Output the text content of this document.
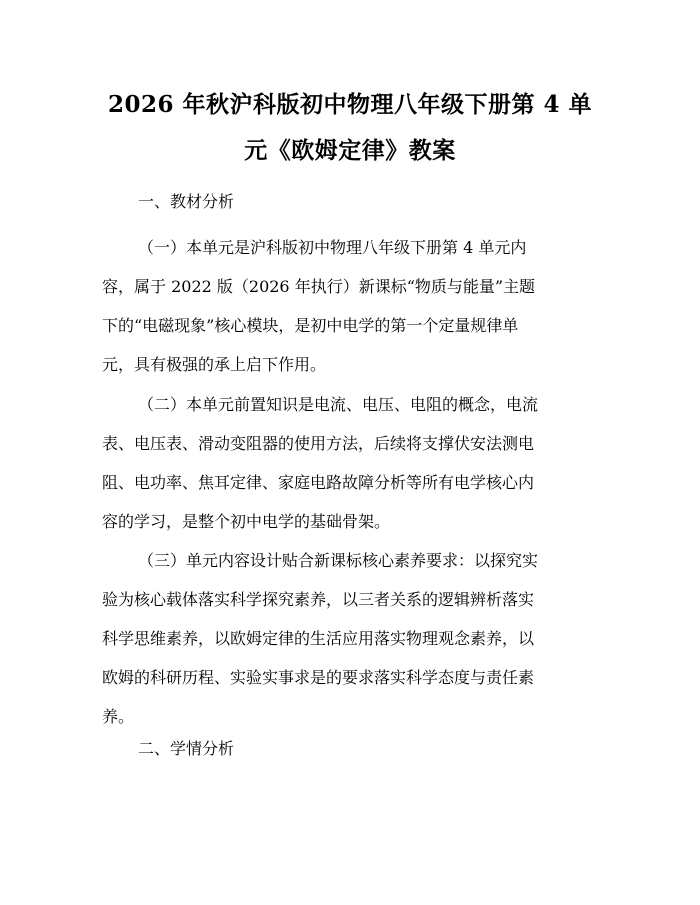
2026 年秋沪科版初中物理八年级下册第 4 单
元《欧姆定律》教案
一、教材分析
（一）本单元是沪科版初中物理八年级下册第 4 单元内
容，属于 2022 版（2026 年执行）新课标“物质与能量”主题
下的“电磁现象”核心模块，是初中电学的第一个定量规律单
元，具有极强的承上启下作用。
（二）本单元前置知识是电流、电压、电阻的概念，电流
表、电压表、滑动变阻器的使用方法，后续将支撑伏安法测电
阻、电功率、焦耳定律、家庭电路故障分析等所有电学核心内
容的学习，是整个初中电学的基础骨架。
（三）单元内容设计贴合新课标核心素养要求：以探究实
验为核心载体落实科学探究素养，以三者关系的逻辑辨析落实
科学思维素养，以欧姆定律的生活应用落实物理观念素养，以
欧姆的科研历程、实验实事求是的要求落实科学态度与责任素
养。
二、学情分析
